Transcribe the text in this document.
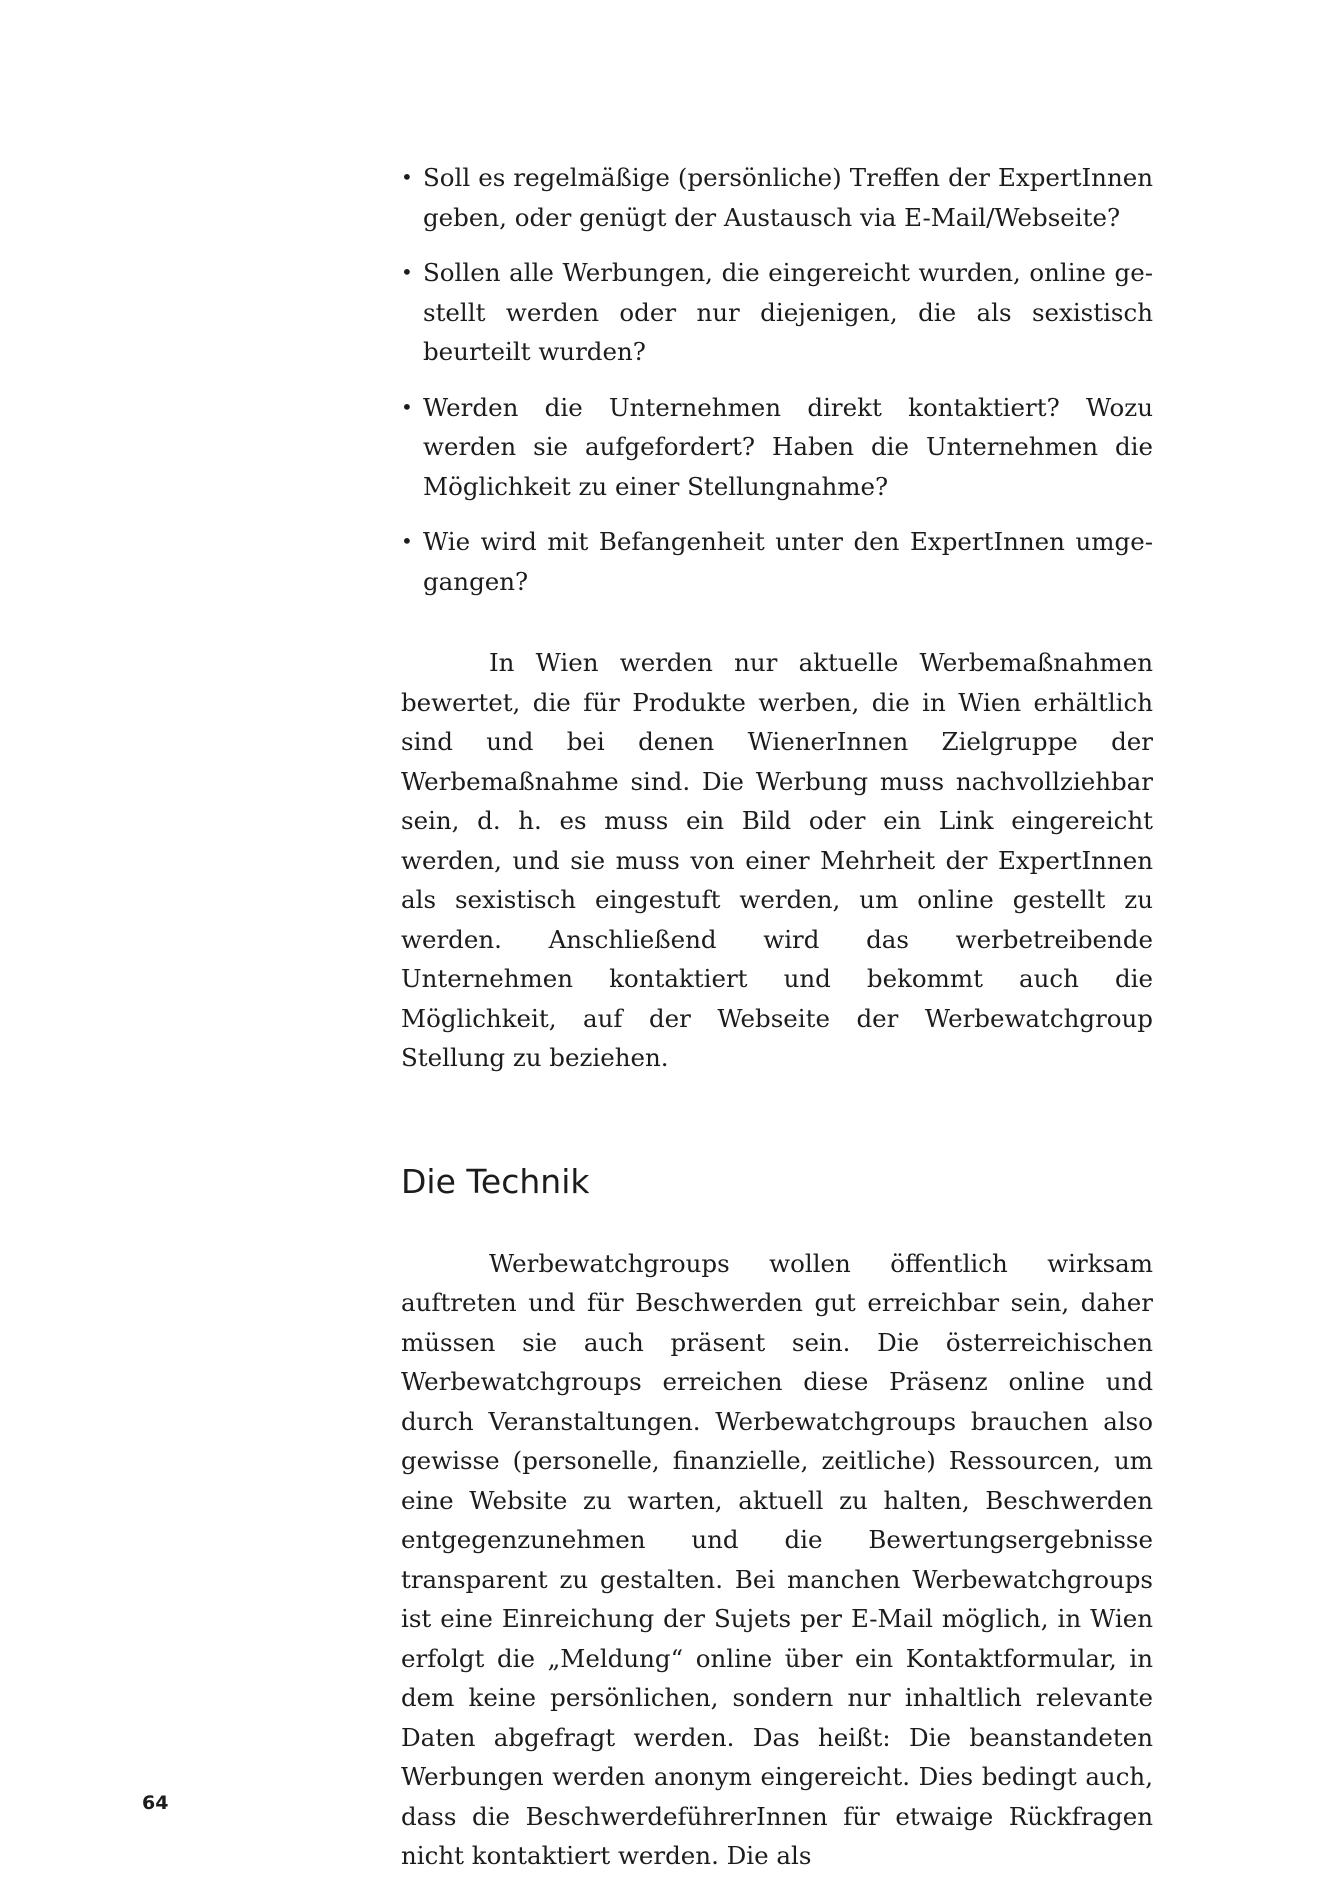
• Soll es regelmäßige (persönliche) Treffen der ExpertInnen geben, oder genügt der Austausch via E-Mail/Webseite?
• Sollen alle Werbungen, die eingereicht wurden, online gestellt werden oder nur diejenigen, die als sexistisch beurteilt wurden?
• Werden die Unternehmen direkt kontaktiert? Wozu werden sie aufgefordert? Haben die Unternehmen die Möglichkeit zu einer Stellungnahme?
• Wie wird mit Befangenheit unter den ExpertInnen umgegangen?

In Wien werden nur aktuelle Werbemaßnahmen bewertet, die für Produkte werben, die in Wien erhältlich sind und bei denen WienerInnen Zielgruppe der Werbemaßnahme sind. Die Werbung muss nachvollziehbar sein, d. h. es muss ein Bild oder ein Link eingereicht werden, und sie muss von einer Mehrheit der ExpertInnen als sexistisch eingestuft werden, um online gestellt zu werden. Anschließend wird das werbetreibende Unternehmen kontaktiert und bekommt auch die Möglichkeit, auf der Webseite der Werbewatchgroup Stellung zu beziehen.

Die Technik

Werbewatchgroups wollen öffentlich wirksam auftreten und für Beschwerden gut erreichbar sein, daher müssen sie auch präsent sein. Die österreichischen Werbewatchgroups erreichen diese Präsenz online und durch Veranstaltungen. Werbewatchgroups brauchen also gewisse (personelle, finanzielle, zeitliche) Ressourcen, um eine Website zu warten, aktuell zu halten, Beschwerden entgegenzunehmen und die Bewertungsergebnisse transparent zu gestalten. Bei manchen Werbewatchgroups ist eine Einreichung der Sujets per E-Mail möglich, in Wien erfolgt die „Meldung“ online über ein Kontaktformular, in dem keine persönlichen, sondern nur inhaltlich relevante Daten abgefragt werden. Das heißt: Die beanstandeten Werbungen werden anonym eingereicht. Dies bedingt auch, dass die BeschwerdeführerInnen für etwaige Rückfragen nicht kontaktiert werden. Die als

64
